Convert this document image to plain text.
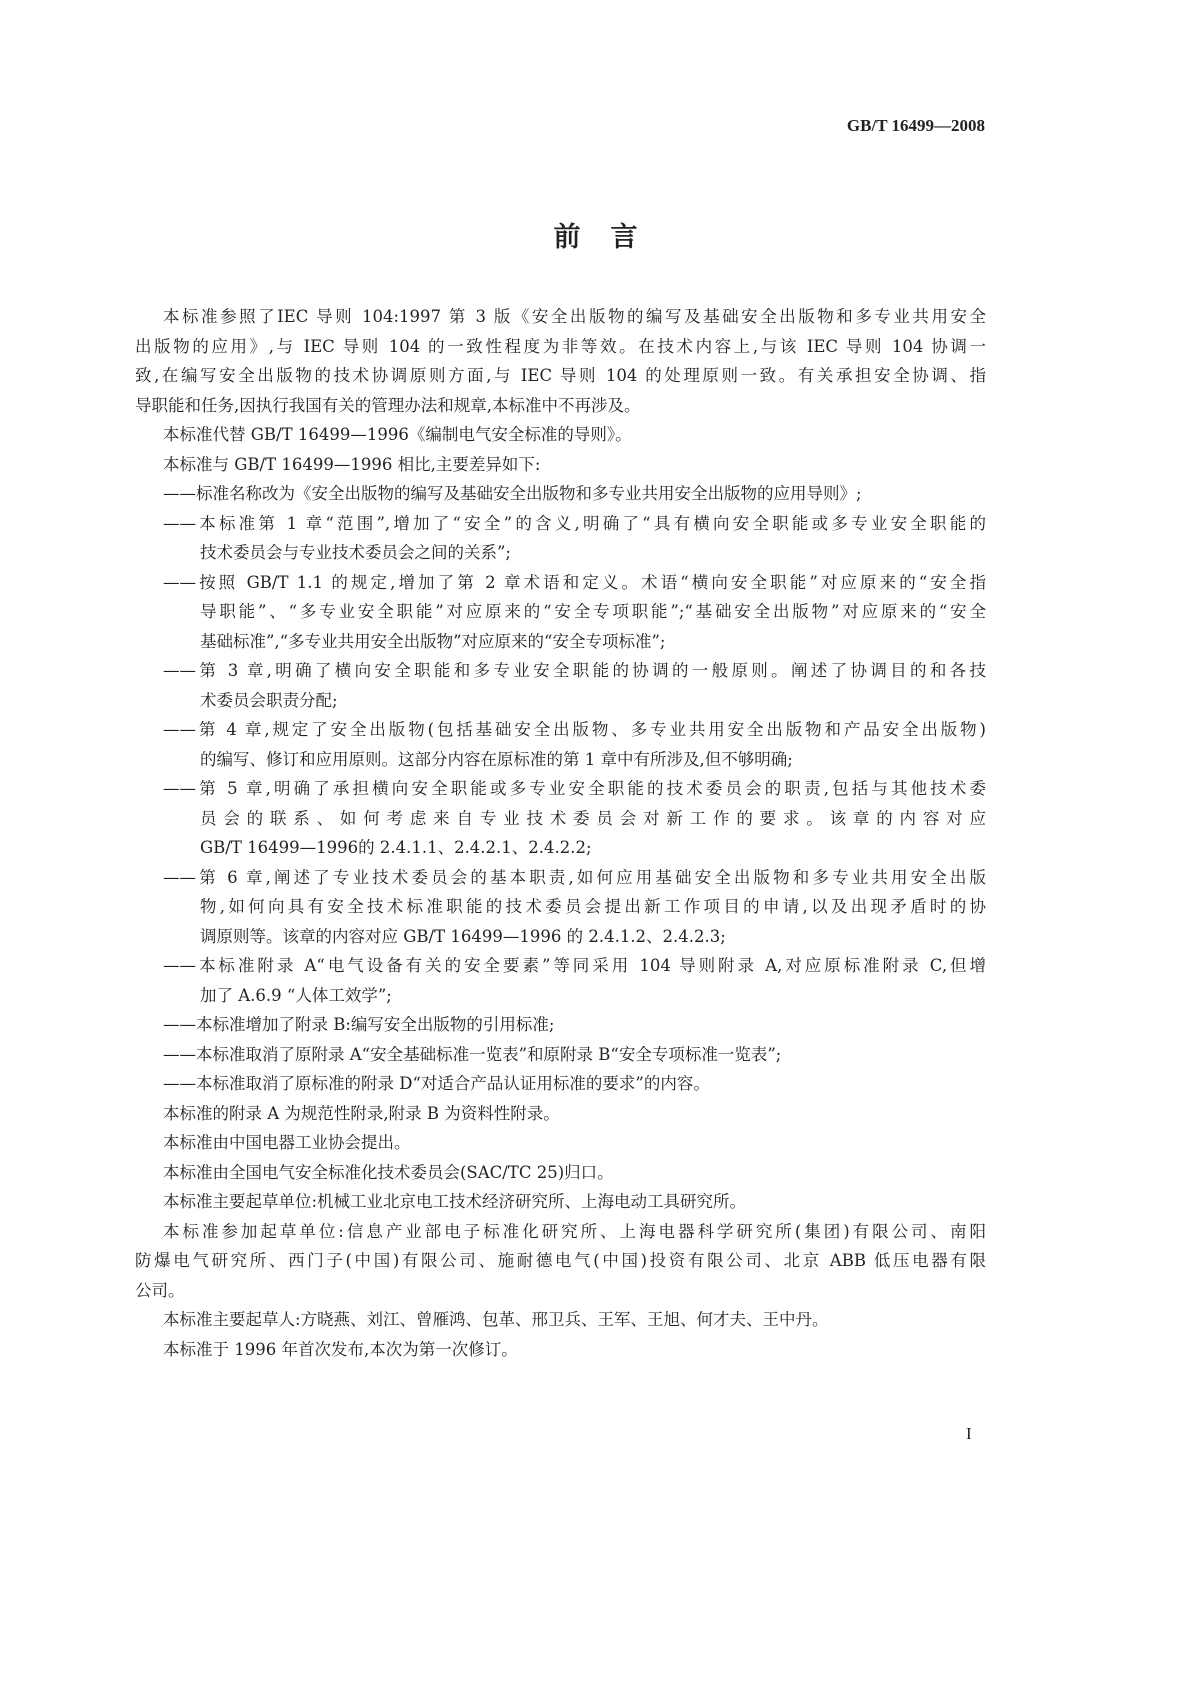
GB/T 16499—2008
前言
本标准参照了IEC 导则 104:1997 第 3 版《安全出版物的编写及基础安全出版物和多专业共用安全
出版物的应用》,与 IEC 导则 104 的一致性程度为非等效。在技术内容上,与该 IEC 导则 104 协调一
致,在编写安全出版物的技术协调原则方面,与 IEC 导则 104 的处理原则一致。有关承担安全协调、指
导职能和任务,因执行我国有关的管理办法和规章,本标准中不再涉及。
本标准代替 GB/T 16499—1996《编制电气安全标准的导则》。
本标准与 GB/T 16499—1996 相比,主要差异如下:
——标准名称改为《安全出版物的编写及基础安全出版物和多专业共用安全出版物的应用导则》;
——本标准第 1 章“范围”,增加了“安全”的含义,明确了“具有横向安全职能或多专业安全职能的
技术委员会与专业技术委员会之间的关系”;
——按照 GB/T 1.1 的规定,增加了第 2 章术语和定义。术语“横向安全职能”对应原来的“安全指
导职能”、“多专业安全职能”对应原来的“安全专项职能”;“基础安全出版物”对应原来的“安全
基础标准”,“多专业共用安全出版物”对应原来的“安全专项标准”;
——第 3 章,明确了横向安全职能和多专业安全职能的协调的一般原则。阐述了协调目的和各技
术委员会职责分配;
——第 4 章,规定了安全出版物(包括基础安全出版物、多专业共用安全出版物和产品安全出版物)
的编写、修订和应用原则。这部分内容在原标准的第 1 章中有所涉及,但不够明确;
——第 5 章,明确了承担横向安全职能或多专业安全职能的技术委员会的职责,包括与其他技术委
员会的联系、如何考虑来自专业技术委员会对新工作的要求。该章的内容对应
GB/T 16499—1996的 2.4.1.1、2.4.2.1、2.4.2.2;
——第 6 章,阐述了专业技术委员会的基本职责,如何应用基础安全出版物和多专业共用安全出版
物,如何向具有安全技术标准职能的技术委员会提出新工作项目的申请,以及出现矛盾时的协
调原则等。该章的内容对应 GB/T 16499—1996 的 2.4.1.2、2.4.2.3;
——本标准附录 A“电气设备有关的安全要素”等同采用 104 导则附录 A,对应原标准附录 C,但增
加了 A.6.9 “人体工效学”;
——本标准增加了附录 B:编写安全出版物的引用标准;
——本标准取消了原附录 A“安全基础标准一览表”和原附录 B“安全专项标准一览表”;
——本标准取消了原标准的附录 D“对适合产品认证用标准的要求”的内容。
本标准的附录 A 为规范性附录,附录 B 为资料性附录。
本标准由中国电器工业协会提出。
本标准由全国电气安全标准化技术委员会(SAC/TC 25)归口。
本标准主要起草单位:机械工业北京电工技术经济研究所、上海电动工具研究所。
本标准参加起草单位:信息产业部电子标准化研究所、上海电器科学研究所(集团)有限公司、南阳
防爆电气研究所、西门子(中国)有限公司、施耐德电气(中国)投资有限公司、北京 ABB 低压电器有限
公司。
本标准主要起草人:方晓燕、刘江、曾雁鸿、包革、邢卫兵、王军、王旭、何才夫、王中丹。
本标准于 1996 年首次发布,本次为第一次修订。
I
